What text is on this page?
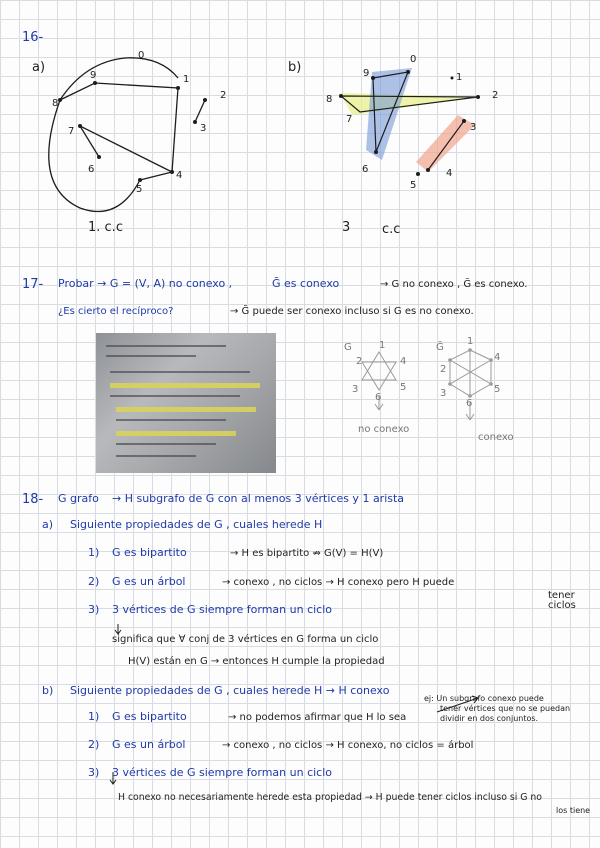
16-
a)	b)
0
1
2
3
4
5
6
7
8
9
1. c.c
0
1
2
3
4
5
6
7
8
9
3 c.c
17- Probar → G = (V, A) no conexo ,	Ḡ es conexo	→ G no conexo , Ḡ es conexo.
¿Es cierto el recíproco?	→ Ḡ puede ser conexo incluso si G es no conexo.
G	1
4
2
3	5
6
no conexo
Ḡ
1
4
2
3	5
6
conexo
18- G grafo → H subgrafo de G con al menos 3 vértices y 1 arista
a) Siguiente propiedades de G , cuales herede H
1) G es bipartito	→ H es bipartito ⇏ G(V) = H(V)
2) G es un árbol	→ conexo , no ciclos → H conexo pero H puede
tener
ciclos
3) 3 vértices de G siempre forman un ciclo
significa que ∀ conj de 3 vértices en G forma un ciclo
H(V) están en G → entonces H cumple la propiedad
b) Siguiente propiedades de G , cuales herede H → H conexo
ej: Un subgrafo conexo puede
tener vértices que no se puedan
dividir en dos conjuntos.
1) G es bipartito	→ no podemos afirmar que H lo sea
2) G es un árbol	→ conexo , no ciclos → H conexo, no ciclos = árbol
3) 3 vértices de G siempre forman un ciclo
H conexo no necesariamente herede esta propiedad → H puede tener ciclos incluso si G no
los tiene
